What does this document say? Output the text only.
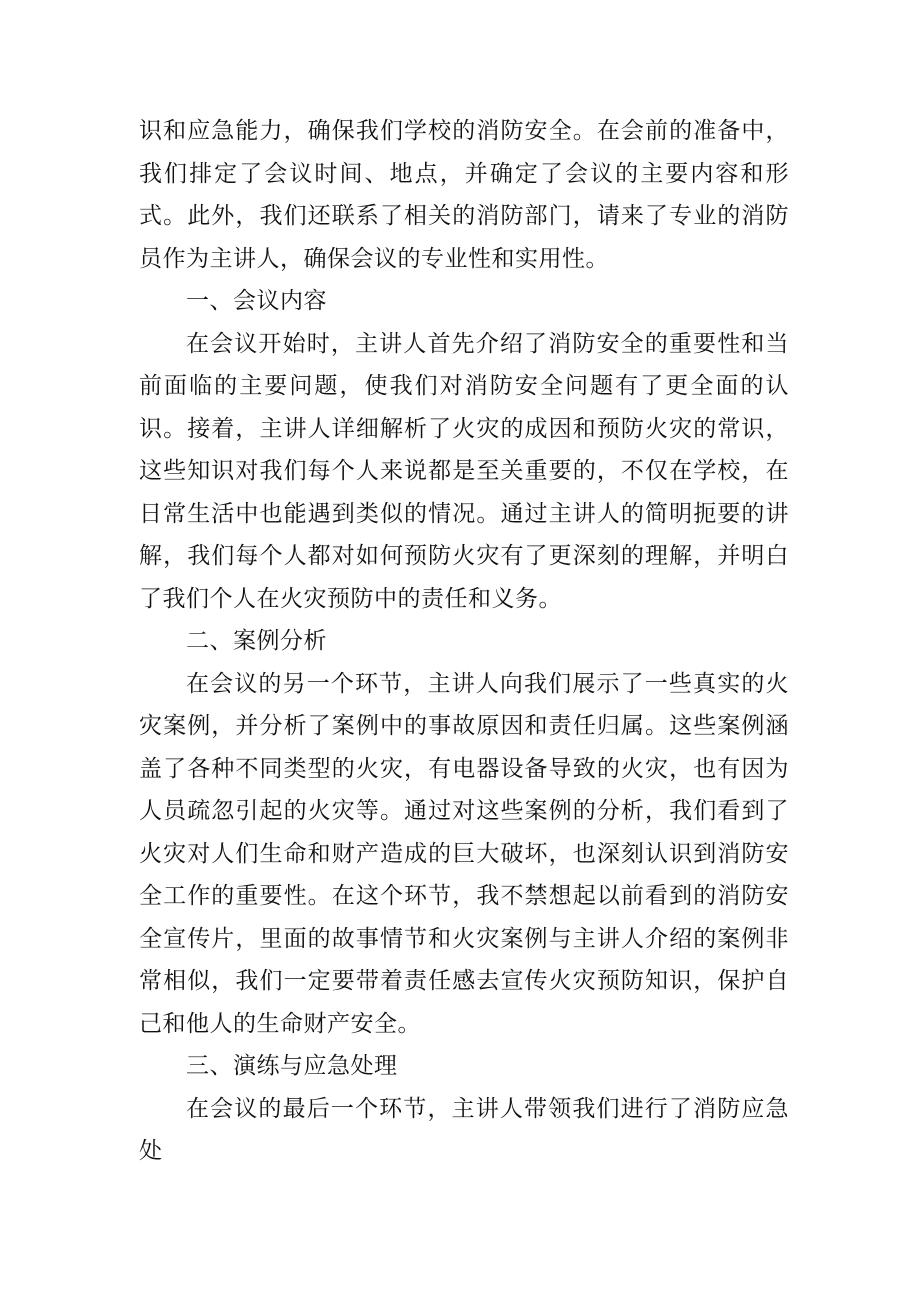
识和应急能力，确保我们学校的消防安全。在会前的准备中，我们排定了会议时间、地点，并确定了会议的主要内容和形式。此外，我们还联系了相关的消防部门，请来了专业的消防员作为主讲人，确保会议的专业性和实用性。

一、会议内容

在会议开始时，主讲人首先介绍了消防安全的重要性和当前面临的主要问题，使我们对消防安全问题有了更全面的认识。接着，主讲人详细解析了火灾的成因和预防火灾的常识，这些知识对我们每个人来说都是至关重要的，不仅在学校，在日常生活中也能遇到类似的情况。通过主讲人的简明扼要的讲解，我们每个人都对如何预防火灾有了更深刻的理解，并明白了我们个人在火灾预防中的责任和义务。

二、案例分析

在会议的另一个环节，主讲人向我们展示了一些真实的火灾案例，并分析了案例中的事故原因和责任归属。这些案例涵盖了各种不同类型的火灾，有电器设备导致的火灾，也有因为人员疏忽引起的火灾等。通过对这些案例的分析，我们看到了火灾对人们生命和财产造成的巨大破坏，也深刻认识到消防安全工作的重要性。在这个环节，我不禁想起以前看到的消防安全宣传片，里面的故事情节和火灾案例与主讲人介绍的案例非常相似，我们一定要带着责任感去宣传火灾预防知识，保护自己和他人的生命财产安全。

三、演练与应急处理

在会议的最后一个环节，主讲人带领我们进行了消防应急处
